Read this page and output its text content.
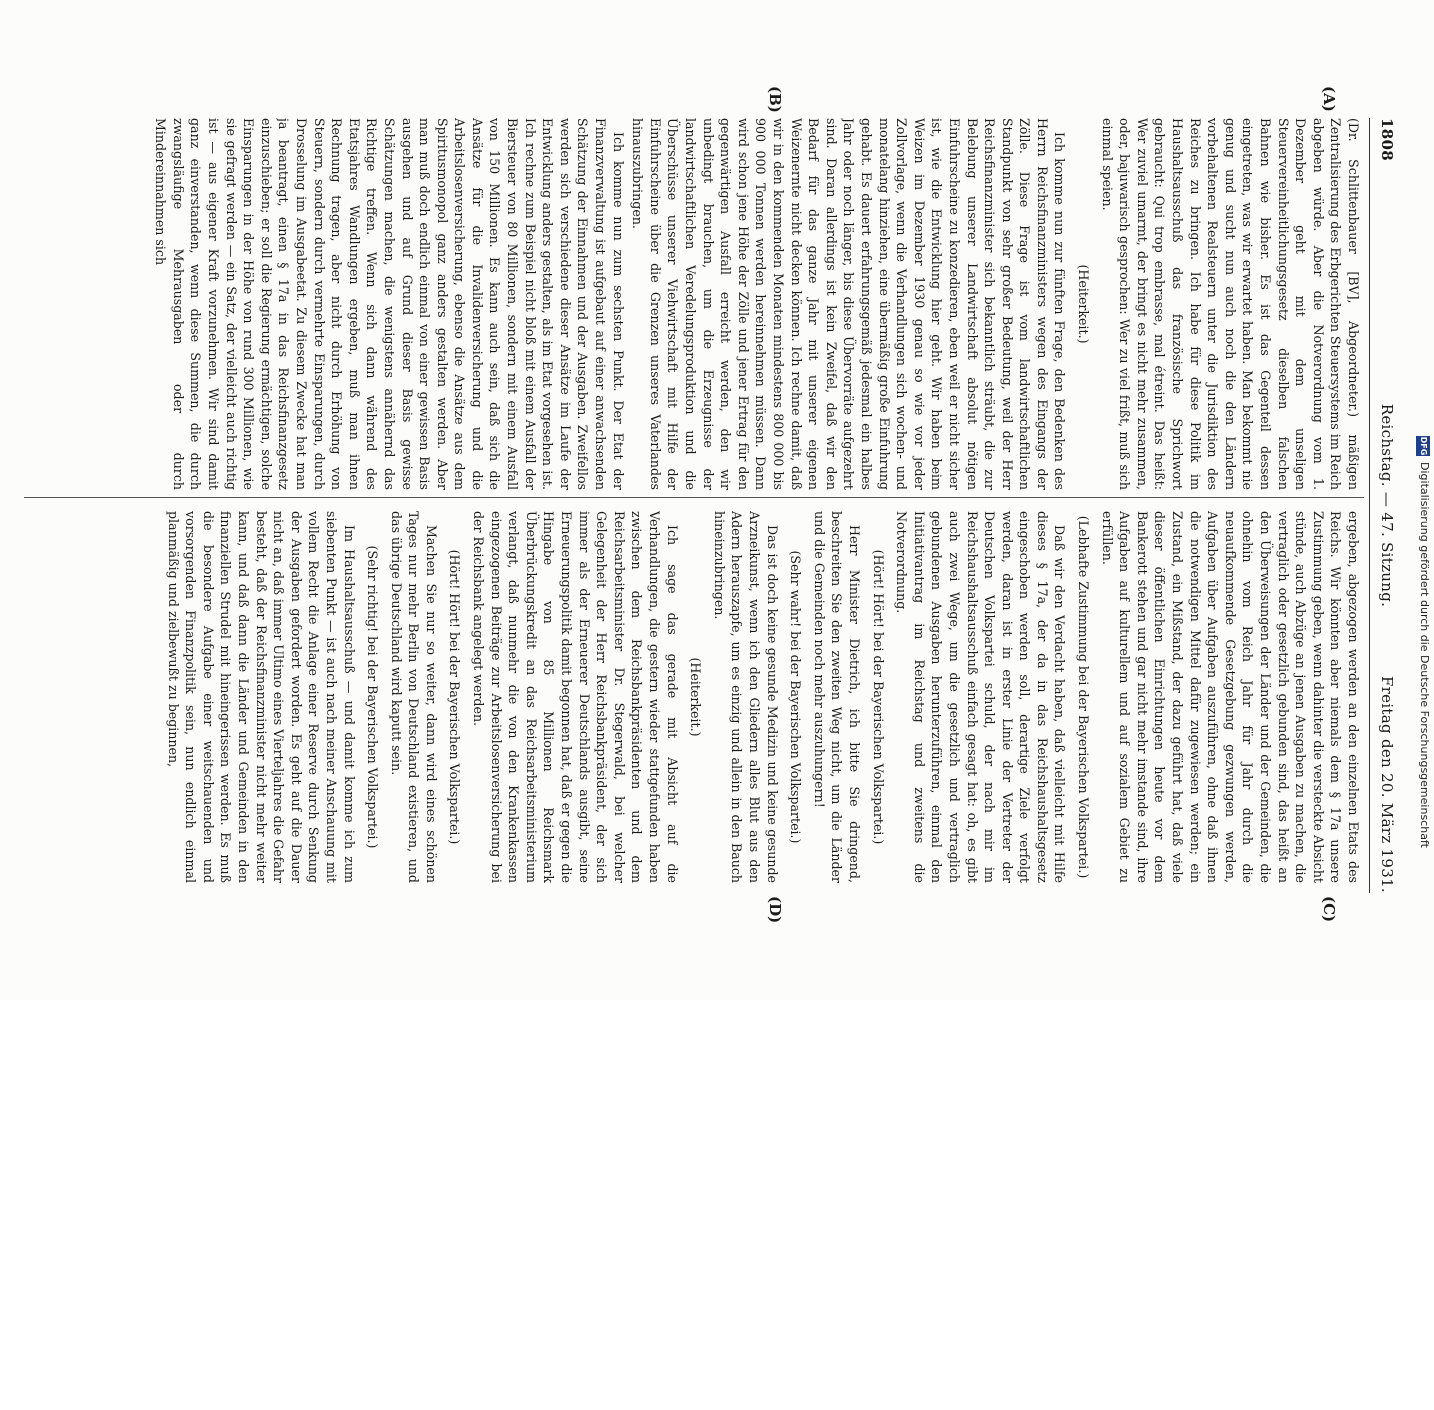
1808
Reichstag. — 47. Sitzung.
Freitag den 20. März 1931.
(A)
(B)
(C)
(D)

(Dr. Schlittenbauer [BV], Abgeordneter.) mäßigen Zentralisierung des Erbgerichten Steuersystems im Reich abgeben würde. Aber die Notverordnung vom 1. Dezember geht mit dem unseligen Steuervereinheitlichungsgesetz dieselben falschen Bahnen wie bisher. Es ist das Gegenteil dessen eingetreten, was wir erwartet haben. Man bekommt nie genug und sucht nun auch noch die den Ländern vorbehaltenen Realsteuern unter die Jurisdiktion des Reiches zu bringen. Ich habe für diese Politik im Haushaltsausschuß das französische Sprichwort gebraucht: Qui trop embrasse, mal étreint. Das heißt: Wer zuviel umarmt, der bringt es nicht mehr zusammen, oder, bajuwarisch gesprochen: Wer zu viel frißt, muß sich einmal speien.

(Heiterkeit.)

Ich komme nun zur fünften Frage, den Bedenken des Herrn Reichsfinanzministers wegen des Eingangs der Zölle. Diese Frage ist vom landwirtschaftlichen Standpunkt von sehr großer Bedeutung, weil der Herr Reichsfinanzminister sich bekanntlich sträubt, die zur Belebung unserer Landwirtschaft absolut nötigen Einfuhrscheine zu konzedieren, eben weil er nicht sicher ist, wie die Entwicklung hier geht. Wir haben beim Weizen im Dezember 1930 genau so wie vor jeder Zollvorlage, wenn die Verhandlungen sich wochen- und monatelang hinziehen, eine übermäßig große Einfuhrung gehabt. Es dauert erfahrungsgemäß jedesmal ein halbes Jahr oder noch länger, bis diese Übervorräte aufgezehrt sind. Daran allerdings ist kein Zweifel, daß wir den Bedarf für das ganze Jahr mit unserer eigenen Weizenernte nicht decken können. Ich rechne damit, daß wir in den kommenden Monaten mindestens 800 000 bis 900 000 Tonnen werden hereinnehmen müssen. Dann wird schon jene Höhe der Zölle und jener Ertrag für den gegenwärtigen Ausfall erreicht werden, den wir unbedingt brauchen, um die Erzeugnisse der landwirtschaftlichen Veredelungsproduktion und die Überschüsse unserer Viehwirtschaft mit Hilfe der Einfuhrscheine über die Grenzen unseres Vaterlandes hinauszubringen.

Ich komme nun zum sechsten Punkt. Der Etat der Finanzverwaltung ist aufgebaut auf einer anwachsenden Schätzung der Einnahmen und der Ausgaben. Zweifellos werden sich verschiedene dieser Ansätze im Laufe der Entwicklung anders gestalten, als im Etat vorgesehen ist. Ich rechne zum Beispiel nicht bloß mit einem Ausfall der Biersteuer von 80 Millionen, sondern mit einem Ausfall von 150 Millionen. Es kann auch sein, daß sich die Ansätze für die Invalidenversicherung und die Arbeitslosenversicherung, ebenso die Ansätze aus dem Spiritusmonopol ganz anders gestalten werden. Aber man muß doch endlich einmal von einer gewissen Basis ausgehen und auf Grund dieser Basis gewisse Schätzungen machen, die wenigstens annähernd das Richtige treffen. Wenn sich dann während des Etatsjahres Wandlungen ergeben, muß man ihnen Rechnung tragen, aber nicht durch Erhöhung von Steuern, sondern durch vermehrte Einsparungen, durch Drosselung im Ausgabeetat. Zu diesem Zwecke hat man ja beantragt, einen § 17a in das Reichsfinanzgesetz einzuschieben; er soll die Regierung ermächtigen, solche Einsparungen in der Höhe von rund 300 Millionen, wie sie gefragt werden — ein Satz, der vielleicht auch richtig ist — aus eigener Kraft vorzunehmen. Wir sind damit ganz einverstanden, wenn diese Summen, die durch zwangsläufige Mehrausgaben oder durch Mindereinnahmen sich

ergeben, abgezogen werden an den einzelnen Etats des Reichs. Wir könnten aber niemals dem § 17a unsere Zustimmung geben, wenn dahinter die versteckte Absicht stünde, auch Abzüge an jenen Ausgaben zu machen, die vertraglich oder gesetzlich gebunden sind, das heißt an den Überweisungen der Länder und der Gemeinden, die ohnehin vom Reich Jahr für Jahr durch die neuaufkommende Gesetzgebung gezwungen werden, Aufgaben über Aufgaben auszuführen, ohne daß ihnen die notwendigen Mittel dafür zugewiesen werden; ein Zustand, ein Mißstand, der dazu geführt hat, daß viele dieser öffentlichen Einrichtungen heute vor dem Bankerott stehen und gar nicht mehr imstande sind, ihre Aufgaben auf kulturellem und auf sozialem Gebiet zu erfüllen.

(Lebhafte Zustimmung bei der Bayerischen Volkspartei.)

Daß wir den Verdacht haben, daß vielleicht mit Hilfe dieses § 17a, der da in das Reichshaushaltsgesetz eingeschoben werden soll, derartige Ziele verfolgt werden, daran ist in erster Linie der Vertreter der Deutschen Volkspartei schuld, der nach mir im Reichshaushaltsausschuß einfach gesagt hat: oh, es gibt auch zwei Wege, um die gesetzlich und vertraglich gebundenen Ausgaben herunterzuführen, einmal den Initiativantrag im Reichstag und zweitens die Notverordnung.

(Hört! Hört! bei der Bayerischen Volkspartei.)

Herr Minister Dietrich, ich bitte Sie dringend, beschreiten Sie den zweiten Weg nicht, um die Länder und die Gemeinden noch mehr auszuhungern!

(Sehr wahr! bei der Bayerischen Volkspartei.)

Das ist doch keine gesunde Medizin und keine gesunde Arzneikunst, wenn ich den Gliedern alles Blut aus den Adern herauszapfe, um es einzig und allein in den Bauch hineinzubringen.

(Heiterkeit.)

Ich sage das gerade mit Absicht auf die Verhandlungen, die gestern wieder stattgefunden haben zwischen dem Reichsbankpräsidenten und dem Reichsarbeitsminister Dr. Stegerwald, bei welcher Gelegenheit der Herr Reichsbankpräsident, der sich immer als der Erneuerer Deutschlands ausgibt, seine Erneuerungspolitik damit begonnen hat, daß er gegen die Hingabe von 85 Millionen Reichsmark Überbrückungskredit an das Reichsarbeitsministerium verlangt, daß nunmehr die von den Krankenkassen eingezogenen Beiträge zur Arbeitslosenversicherung bei der Reichsbank angelegt werden.

(Hört! Hört! bei der Bayerischen Volkspartei.)

Machen Sie nur so weiter, dann wird eines schönen Tages nur mehr Berlin von Deutschland existieren, und das übrige Deutschland wird kaputt sein.

(Sehr richtig! bei der Bayerischen Volkspartei.)

Im Haushaltsausschuß — und damit komme ich zum siebenten Punkt — ist auch nach meiner Anschauung mit vollem Recht die Anlage einer Reserve durch Senkung der Ausgaben gefordert worden. Es geht auf die Dauer nicht an, daß immer Ultimo eines Vierteljahres die Gefahr besteht, daß der Reichsfinanzminister nicht mehr weiter kann, und daß dann die Länder und Gemeinden in den finanziellen Strudel mit hineingerissen werden. Es muß die besondere Aufgabe einer weitschauenden und vorsorgenden Finanzpolitik sein, nun endlich einmal planmäßig und zielbewußt zu beginnen,

DFG
Digitalisierung gefördert durch die Deutsche Forschungsgemeinschaft
